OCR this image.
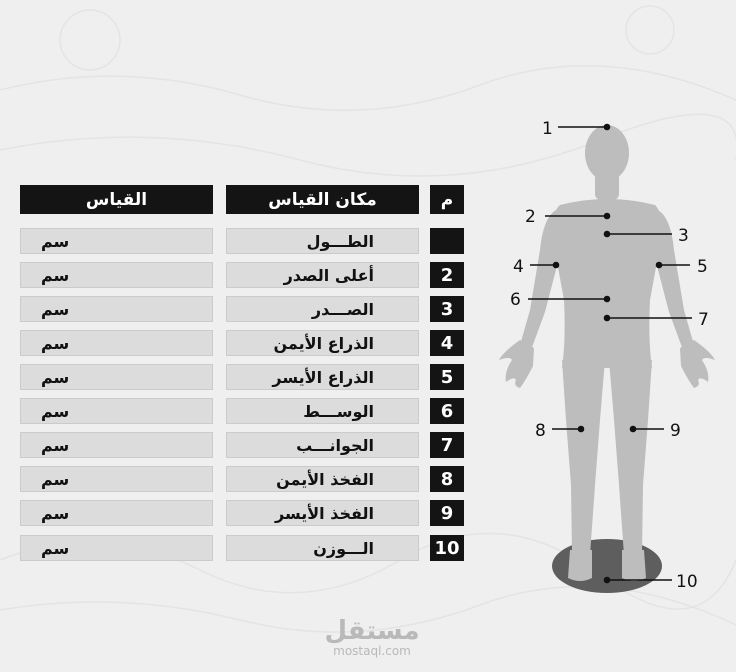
م
مكان القياس
القياس
الطـــول
سم
2
أعلى الصدر
سم
3
الصـــدر
سم
4
الذراع الأيمن
سم
5
الذراع الأيسر
سم
6
الوســـط
سم
7
الجوانـــب
سم
8
الفخذ الأيمن
سم
9
الفخذ الأيسر
سم
10
الـــوزن
سم
1
2
3
4	5
6
7
8	9
10
مستقل
mostaql.com
